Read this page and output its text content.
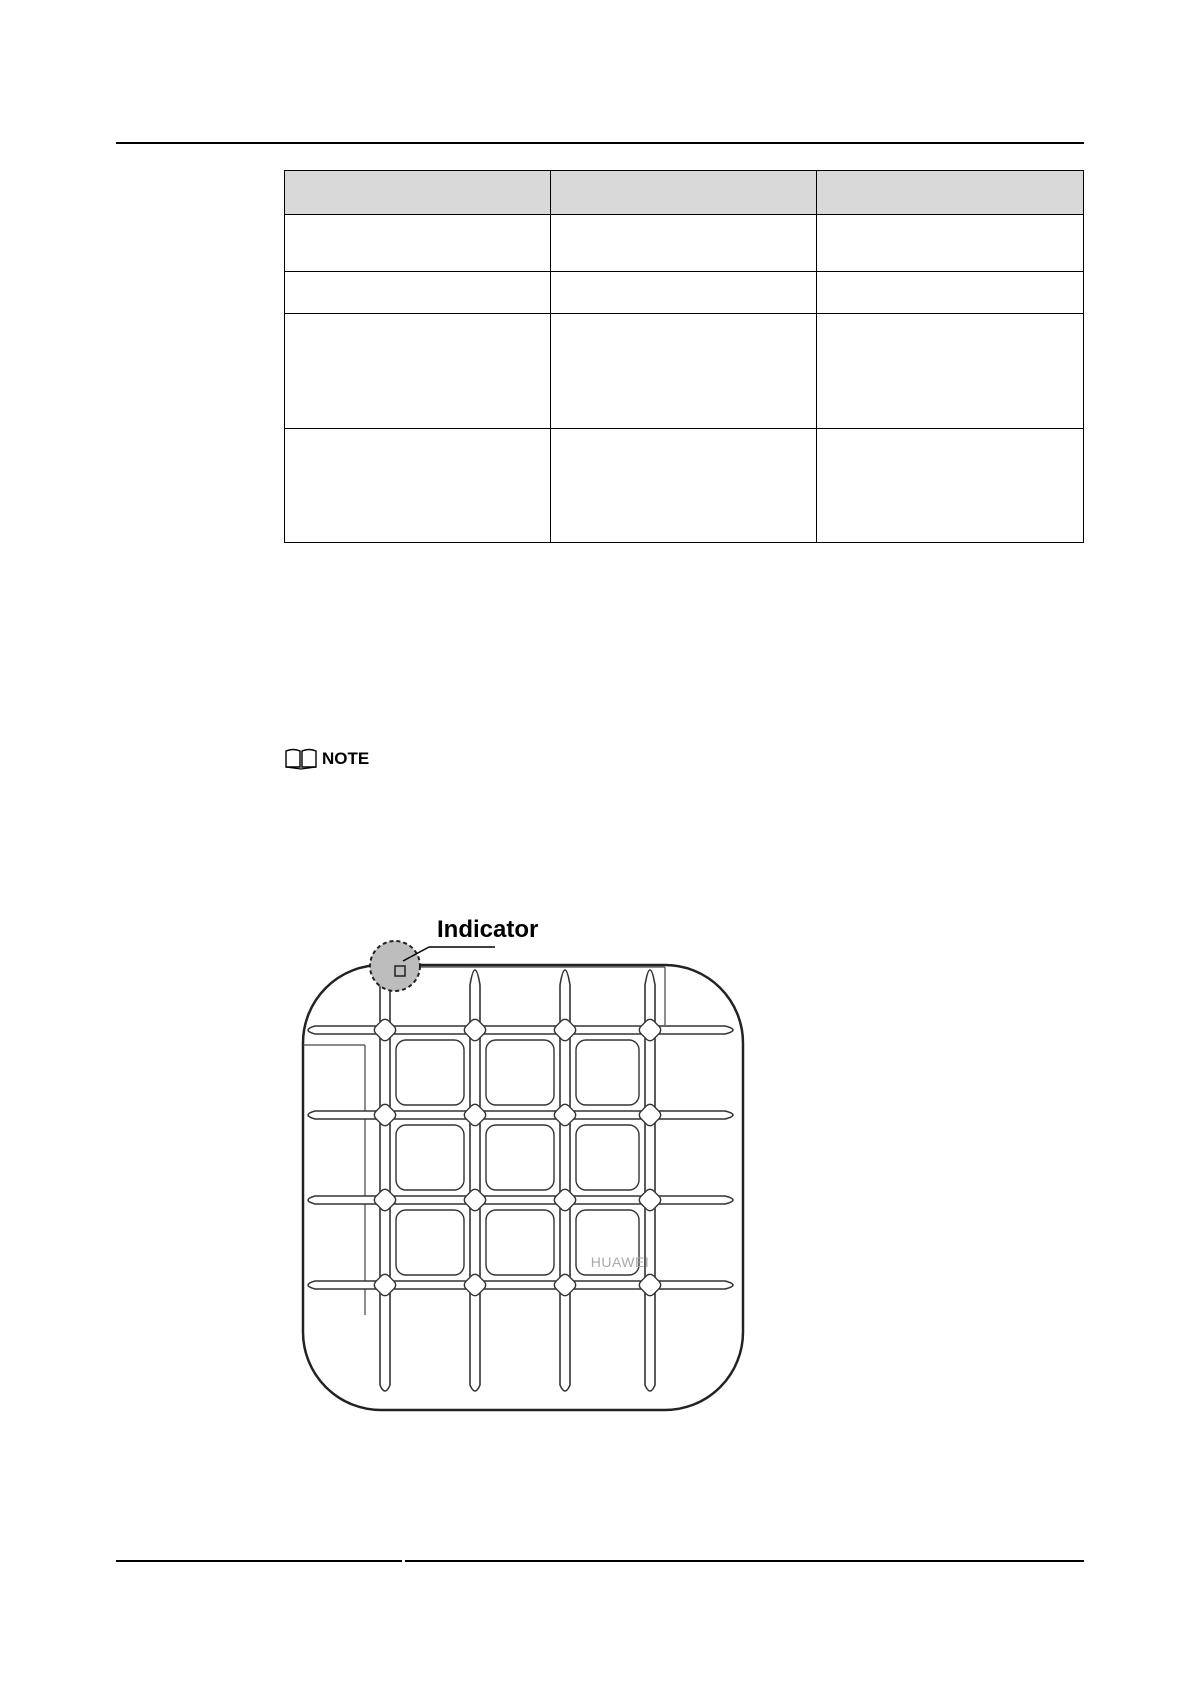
NOTE
HUAWEI
Indicator
